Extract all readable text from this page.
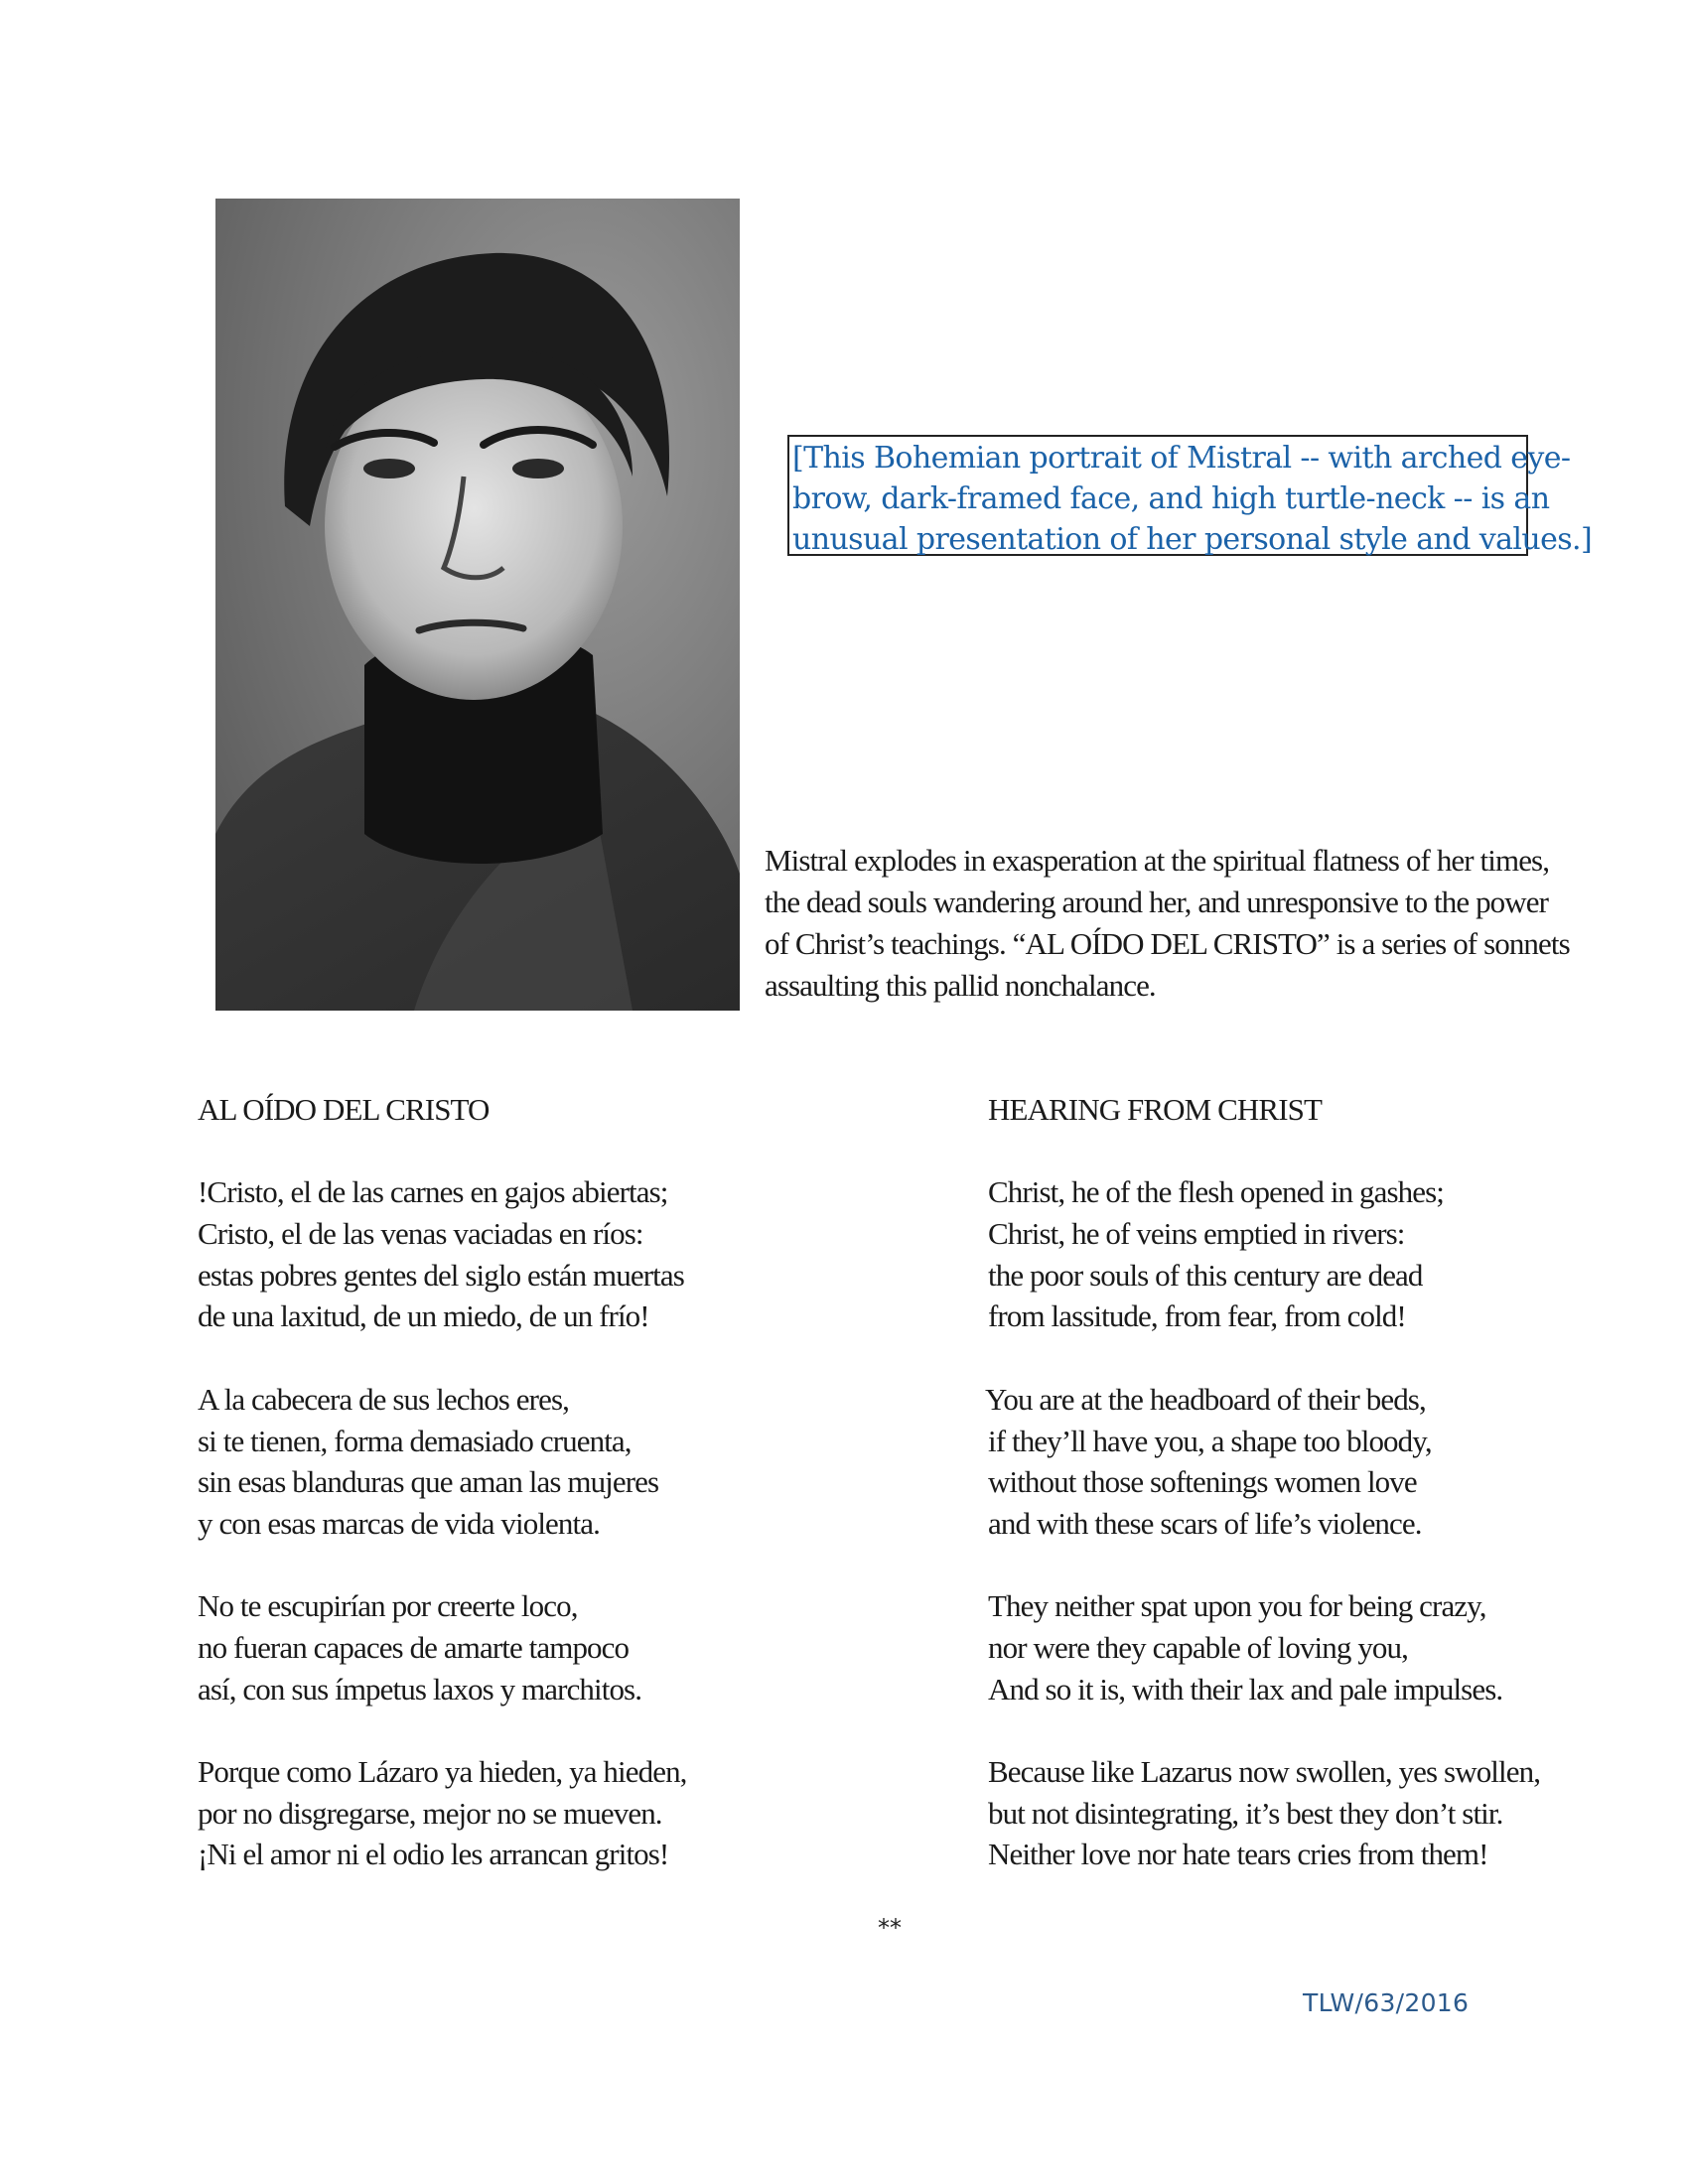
[This Bohemian portrait of Mistral -- with arched eye-
brow, dark-framed face, and high turtle-neck -- is an
unusual presentation of her personal style and values.]
Mistral explodes in exasperation at the spiritual flatness of her times,
the dead souls wandering around her, and unresponsive to the power
of Christ’s teachings. “AL OÍDO DEL CRISTO” is a series of sonnets
assaulting this pallid nonchalance.
AL OÍDO DEL CRISTO
!Cristo, el de las carnes en gajos abiertas;
Cristo, el de las venas vaciadas en ríos:
estas pobres gentes del siglo están muertas
de una laxitud, de un miedo, de un frío!
A la cabecera de sus lechos eres,
si te tienen, forma demasiado cruenta,
sin esas blanduras que aman las mujeres
y con esas marcas de vida violenta.
No te escupirían por creerte loco,
no fueran capaces de amarte tampoco
así, con sus ímpetus laxos y marchitos.
Porque como Lázaro ya hieden, ya hieden,
por no disgregarse, mejor no se mueven.
¡Ni el amor ni el odio les arrancan gritos!
HEARING FROM CHRIST
Christ, he of the flesh opened in gashes;
Christ, he of veins emptied in rivers:
the poor souls of this century are dead
from lassitude, from fear, from cold!
You are at the headboard of their beds,
if they’ll have you, a shape too bloody,
without those softenings women love
and with these scars of life’s violence.
They neither spat upon you for being crazy,
nor were they capable of loving you,
And so it is, with their lax and pale impulses.
Because like Lazarus now swollen, yes swollen,
but not disintegrating, it’s best they don’t stir.
Neither love nor hate tears cries from them!
**
TLW/63/2016
